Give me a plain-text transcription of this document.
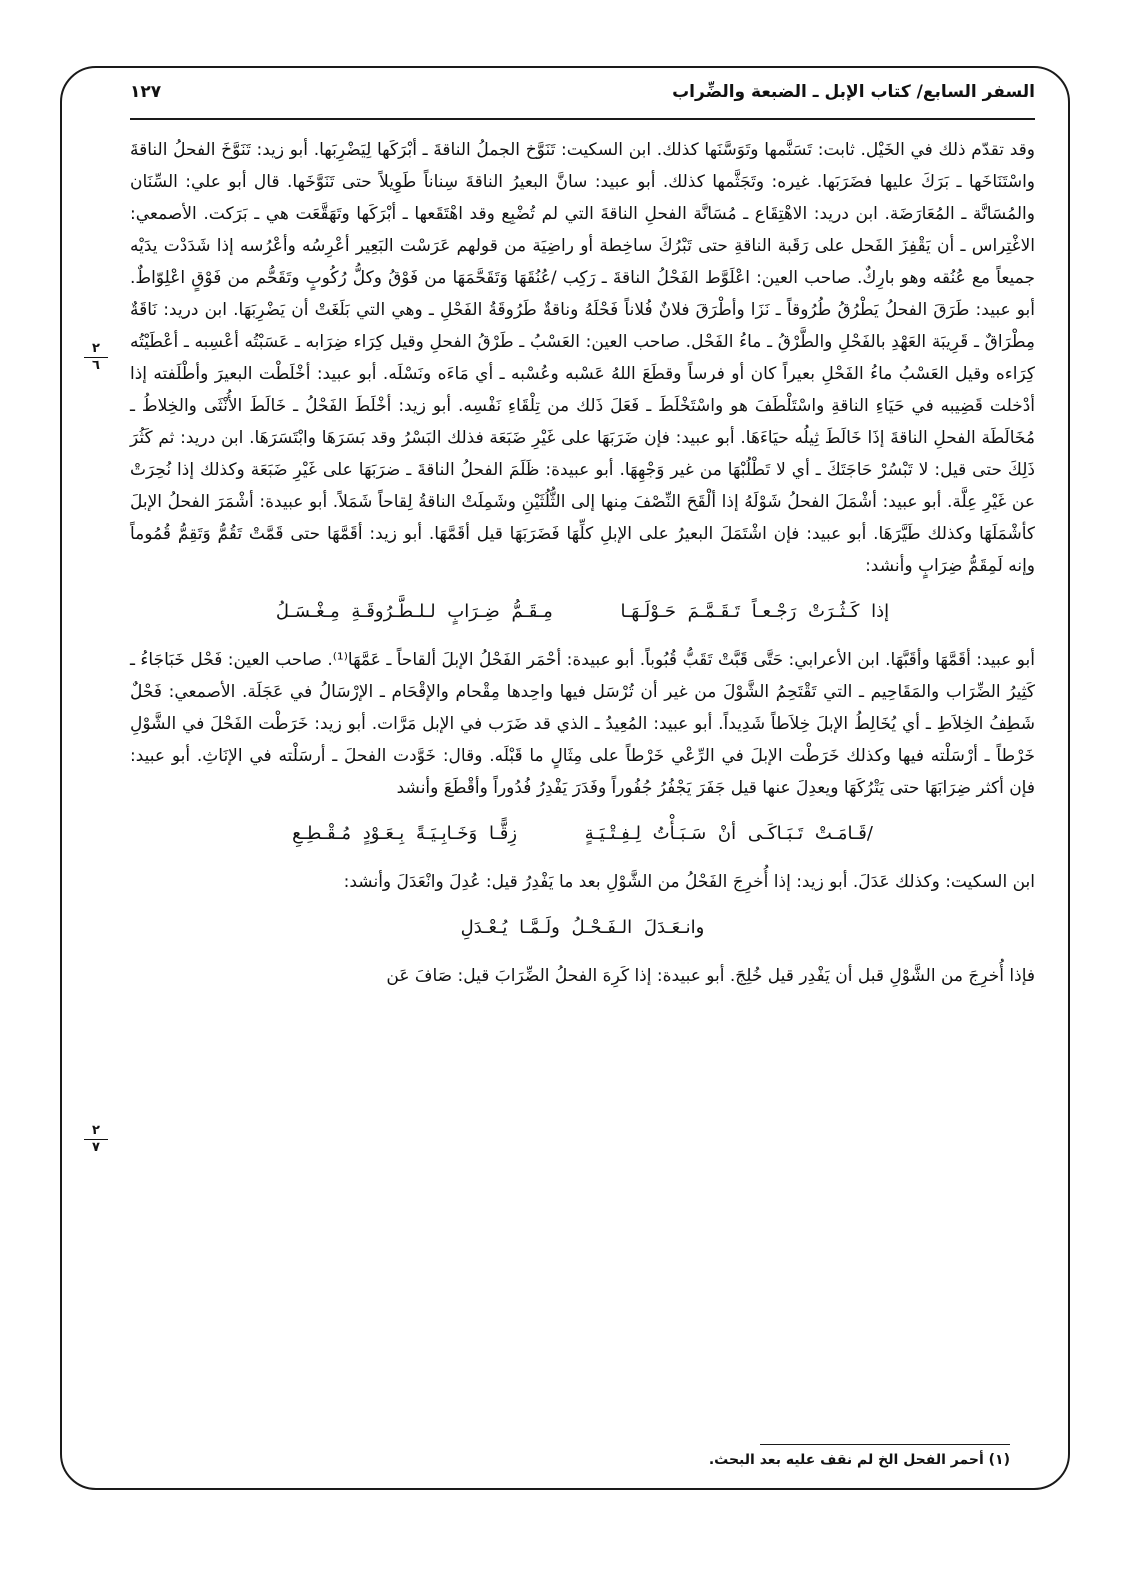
السفر السابع/ كتاب الإبل ـ الضبعة والضِّراب
١٢٧
٢
٦
٢
٧

وقد تقدّم ذلك في الخَيْل. ثابت: تَسَنَّمها وتَوَسَّنَها كذلك. ابن السكيت: تَنَوَّخ الجملُ الناقةَ ـ أبْرَكَها لِيَضْرِبَها. أبو زيد: تَنَوَّخَ الفحلُ الناقةَ واسْتَنَاخَها ـ بَرَكَ عليها فضَرَبَها. غيره: وتَجَثَّمها كذلك. أبو عبيد: سانَّ البعيرُ الناقةَ سِناناً طَوِيلاً حتى تَنَوَّخَها. قال أبو علي: السِّنَان والمُسَانَّة ـ المُعَارَضَة. ابن دريد: الاهْتِقَاع ـ مُسَانَّة الفحلِ الناقةَ التي لم تُضْبِع وقد اهْتَقَعها ـ أبْرَكَها وتَهَقَّعَت هي ـ بَرَكت. الأصمعي: الاغْتِراس ـ أن يَقْفِزَ الفَحل على رَقَبة الناقةِ حتى تَبْرُكَ ساخِطة أو راضِيَة من قولهم عَرَسْت البَعِير أعْرِسُه وأعْرُسه إذا شَدَدْت يدَيْه جميعاً مع عُنُقه وهو بارِكٌ. صاحب العين: اعْلَوَّط الفَحْلُ الناقةَ ـ رَكِب /عُنُقَهَا وَتَقَحَّمَهَا من فَوْقُ وكلُّ رُكُوبٍ وتَقَحُّم من فَوْقٍ اعْلِوّاطٌ. أبو عبيد: طَرَقَ الفحلُ يَطْرُقُ طُرُوقاً ـ نَزَا وأطْرَقَ فلانٌ فُلاناً فَحْلَهُ وناقةٌ طَرُوقَةُ الفَحْلِ ـ وهي التي بَلَغَتْ أن يَضْرِبَهَا. ابن دريد: نَاقَةٌ مِطْرَاقٌ ـ قَرِيبَة العَهْدِ بالفَحْلِ والطَّرْقُ ـ ماءُ الفَحْل. صاحب العين: العَسْبُ ـ طَرْقُ الفحلِ وقيل كِرَاء ضِرَابه ـ عَسَبْتُه أعْسِبه ـ أعْطَيْتُه كِرَاءه وقيل العَسْبُ ماءُ الفَحْلِ بعيراً كان أو فرساً وقطَعَ اللهُ عَسْبه وعُسْبه ـ أي مَاءَه ونَسْلَه. أبو عبيد: أخْلَطْت البعيرَ وأطْلَفته إذا أدْخلت قَضِيبه في حَيَاءِ الناقةِ واسْتَلْطَفَ هو واسْتَخْلَطَ ـ فَعَلَ ذَلك من تِلْقَاءِ نَفْسِه. أبو زيد: أخْلَطَ الفَحْلُ ـ خَالَطَ الأُنْثَى والخِلاطُ ـ مُخَالَطَة الفحلِ الناقةَ إذَا خَالَطَ ثِيلُه حيَاءَهَا. أبو عبيد: فإن ضَرَبَهَا على غَيْرِ ضَبَعَة فذلك البَسْرُ وقد بَسَرَهَا وابْتَسَرَهَا. ابن دريد: ثم كَثُرَ ذَلِكَ حتى قيل: لا تَبْسُرْ حَاجَتَكَ ـ أي لا تَطْلُبْهَا من غير وَجْهِهَا. أبو عبيدة: ظَلَمَ الفحلُ الناقةَ ـ ضرَبَهَا على غَيْرِ ضَبَعَة وكذلك إذا نُحِرَتْ عن غَيْرِ عِلَّة. أبو عبيد: أشْمَلَ الفحلُ شَوْلَهُ إذا ألْقَحَ النِّصْفَ مِنها إلى الثُّلُثَيْنِ وشَمِلَتْ الناقةُ لِقاحاً شَمَلاً. أبو عبيدة: أشْمَرَ الفحلُ الإبلَ كأشْمَلَهَا وكذلك طَيَّرَهَا. أبو عبيد: فإن اشْتَمَلَ البعيرُ على الإبلِ كلِّهَا فَضَرَبَهَا قيل أقَمَّهَا. أبو زيد: أقَمَّهَا حتى قَمَّتْ تَقُمُّ وَتَقِمُّ قُمُوماً وإنه لَمِقَمُّ ضِرَابٍ وأنشد:

إذا كَـثُـرَتْ رَجْـعـاً تَـقَـمَّـمَ حَـوْلَـهَـا مِـقَـمُّ ضِـرَابٍ لـلـطَّـرُوقَـةِ مِـغْـسَـلُ

أبو عبيد: أقَمَّهَا وأقَبَّهَا. ابن الأعرابي: حَتَّى قَبَّتْ تَقَبُّ قُبُوباً. أبو عبيدة: أحْمَر الفَحْلُ الإبلَ ألقاحاً ـ عَمَّهَا⁽¹⁾. صاحب العين: فَحْل خَبَاجَاءُ ـ كَثِيرُ الضِّرَاب والمَقَاحِيم ـ التي تَقْتَحِمُ الشَّوْلَ من غير أن تُرْسَل فيها واحِدها مِقْحام والإقْحَام ـ الإرْسَالُ في عَجَلَة. الأصمعي: فَحْلٌ شَطِفُ الخِلاَطِ ـ أي يُخَالِطُ الإبلَ خِلاَطاً شَدِيداً. أبو عبيد: المُعِيدُ ـ الذي قد ضَرَب في الإبل مَرَّات. أبو زيد: خَرَطْت الفَحْلَ في الشَّوْلِ خَرْطاً ـ أرْسَلْته فيها وكذلك خَرَطْت الإبلَ في الرِّعْي خَرْطاً على مِثَالٍ ما قَبْلَه. وقال: خَوَّدت الفحلَ ـ أرسَلْته في الإنَاثِ. أبو عبيد: فإن أكثر ضِرَابَهَا حتى يَتْرُكَهَا ويعدِلَ عنها قيل جَفَرَ يَجْفُرُ جُفُوراً وفَدَرَ يَفْدِرُ فُدُوراً وأقْطَعَ وأنشد

/قَـامَـتْ تَـبَـاكَـى أنْ سَـبَـأْتُ لِـفِـتْـيَـةٍ زِقًّـا وَخَـابِـيَـةً بِـعَـوْدٍ مُـقْـطِـعِ

ابن السكيت: وكذلك عَدَلَ. أبو زيد: إذا أُخرِجَ الفَحْلُ من الشَّوْلِ بعد ما يَفْدِرُ قيل: عُدِلَ وانْعَدَلَ وأنشد:

وانـعَـدَلَ الـفَـحْـلُ ولَـمَّـا يُـعْـدَلِ

فإذا أُخرِجَ من الشَّوْلِ قبل أن يَفْدِر قيل خُلِجَ. أبو عبيدة: إذا كَرِهَ الفحلُ الضِّرَابَ قيل: صَافَ عَن

(١) أحمر الفحل الخ لم نقف عليه بعد البحث.
